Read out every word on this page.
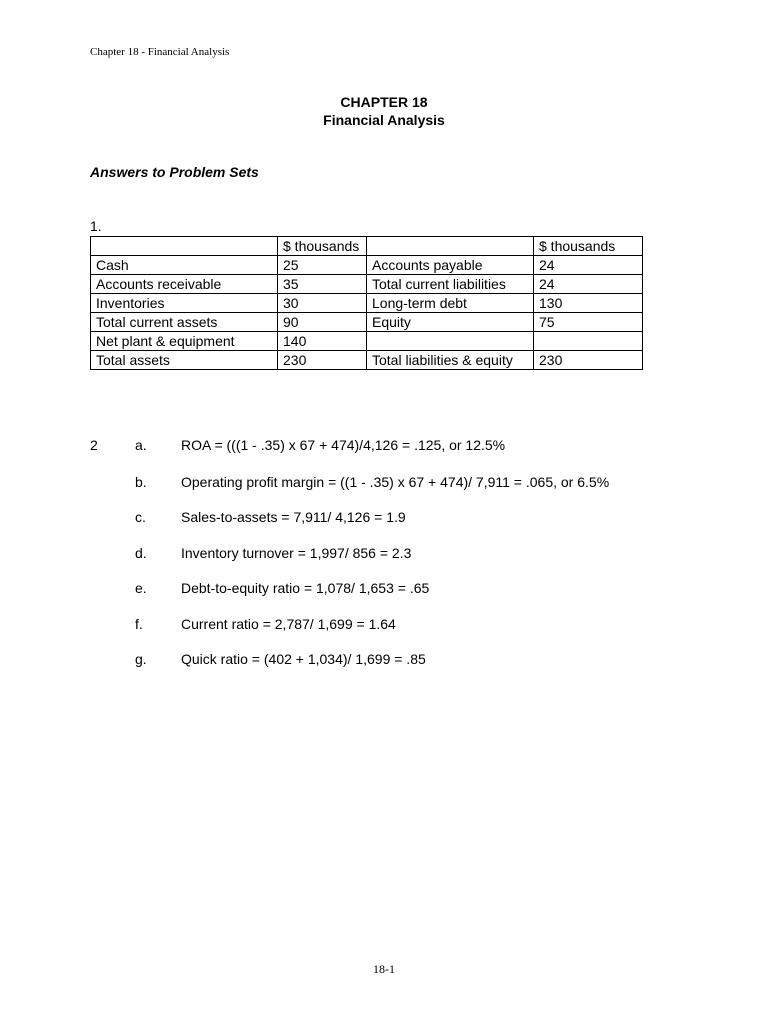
Chapter 18 - Financial Analysis
CHAPTER 18
Financial Analysis
Answers to Problem Sets
1.
	$ thousands		$ thousands
Cash	25	Accounts payable	24
Accounts receivable	35	Total current liabilities	24
Inventories	30	Long-term debt	130
Total current assets	90	Equity	75
Net plant & equipment	140		
Total assets	230	Total liabilities & equity	230
2	a. ROA = (((1 - .35) x 67 + 474)/4,126 = .125, or 12.5%
b. Operating profit margin = ((1 - .35) x 67 + 474)/ 7,911 = .065, or 6.5%
c.	Sales-to-assets = 7,911/ 4,126 = 1.9
d. Inventory turnover = 1,997/ 856 = 2.3
e. Debt-to-equity ratio = 1,078/ 1,653 = .65
f.	Current ratio = 2,787/ 1,699 = 1.64
g. Quick ratio = (402 + 1,034)/ 1,699 = .85
18-1
